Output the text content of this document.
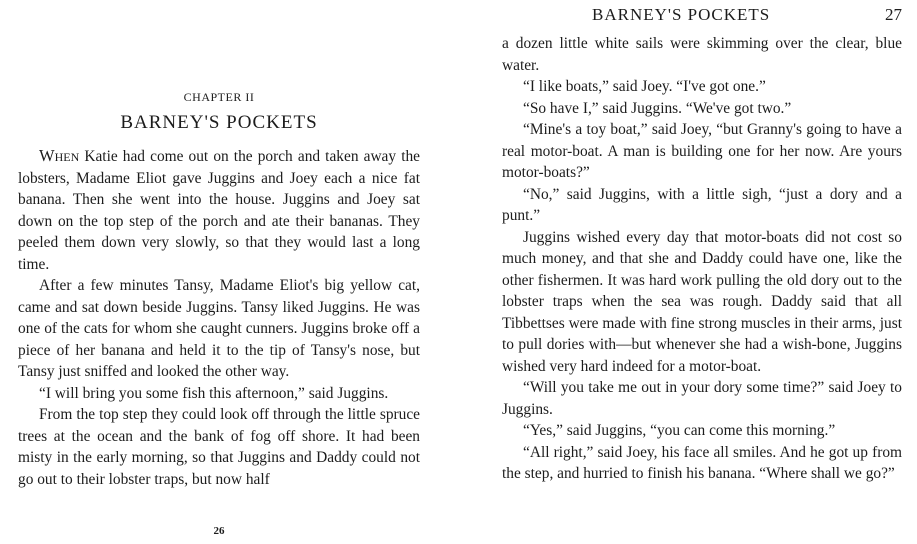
CHAPTER II
BARNEY'S POCKETS

When Katie had come out on the porch and taken away the lobsters, Madame Eliot gave Juggins and Joey each a nice fat banana. Then she went into the house. Juggins and Joey sat down on the top step of the porch and ate their bananas. They peeled them down very slowly, so that they would last a long time.

After a few minutes Tansy, Madame Eliot's big yellow cat, came and sat down beside Juggins. Tansy liked Juggins. He was one of the cats for whom she caught cunners. Juggins broke off a piece of her banana and held it to the tip of Tansy's nose, but Tansy just sniffed and looked the other way.

“I will bring you some fish this afternoon,” said Juggins.

From the top step they could look off through the little spruce trees at the ocean and the bank of fog off shore. It had been misty in the early morning, so that Juggins and Daddy could not go out to their lobster traps, but now half

26
BARNEY'S POCKETS	27

a dozen little white sails were skimming over the clear, blue water.

“I like boats,” said Joey. “I've got one.”

“So have I,” said Juggins. “We've got two.”

“Mine's a toy boat,” said Joey, “but Granny's going to have a real motor-boat. A man is building one for her now. Are yours motor-boats?”

“No,” said Juggins, with a little sigh, “just a dory and a punt.”

Juggins wished every day that motor-boats did not cost so much money, and that she and Daddy could have one, like the other fishermen. It was hard work pulling the old dory out to the lobster traps when the sea was rough. Daddy said that all Tibbettses were made with fine strong muscles in their arms, just to pull dories with—but whenever she had a wish-bone, Juggins wished very hard indeed for a motor-boat.

“Will you take me out in your dory some time?” said Joey to Juggins.

“Yes,” said Juggins, “you can come this morning.”

“All right,” said Joey, his face all smiles. And he got up from the step, and hurried to finish his banana. “Where shall we go?”
